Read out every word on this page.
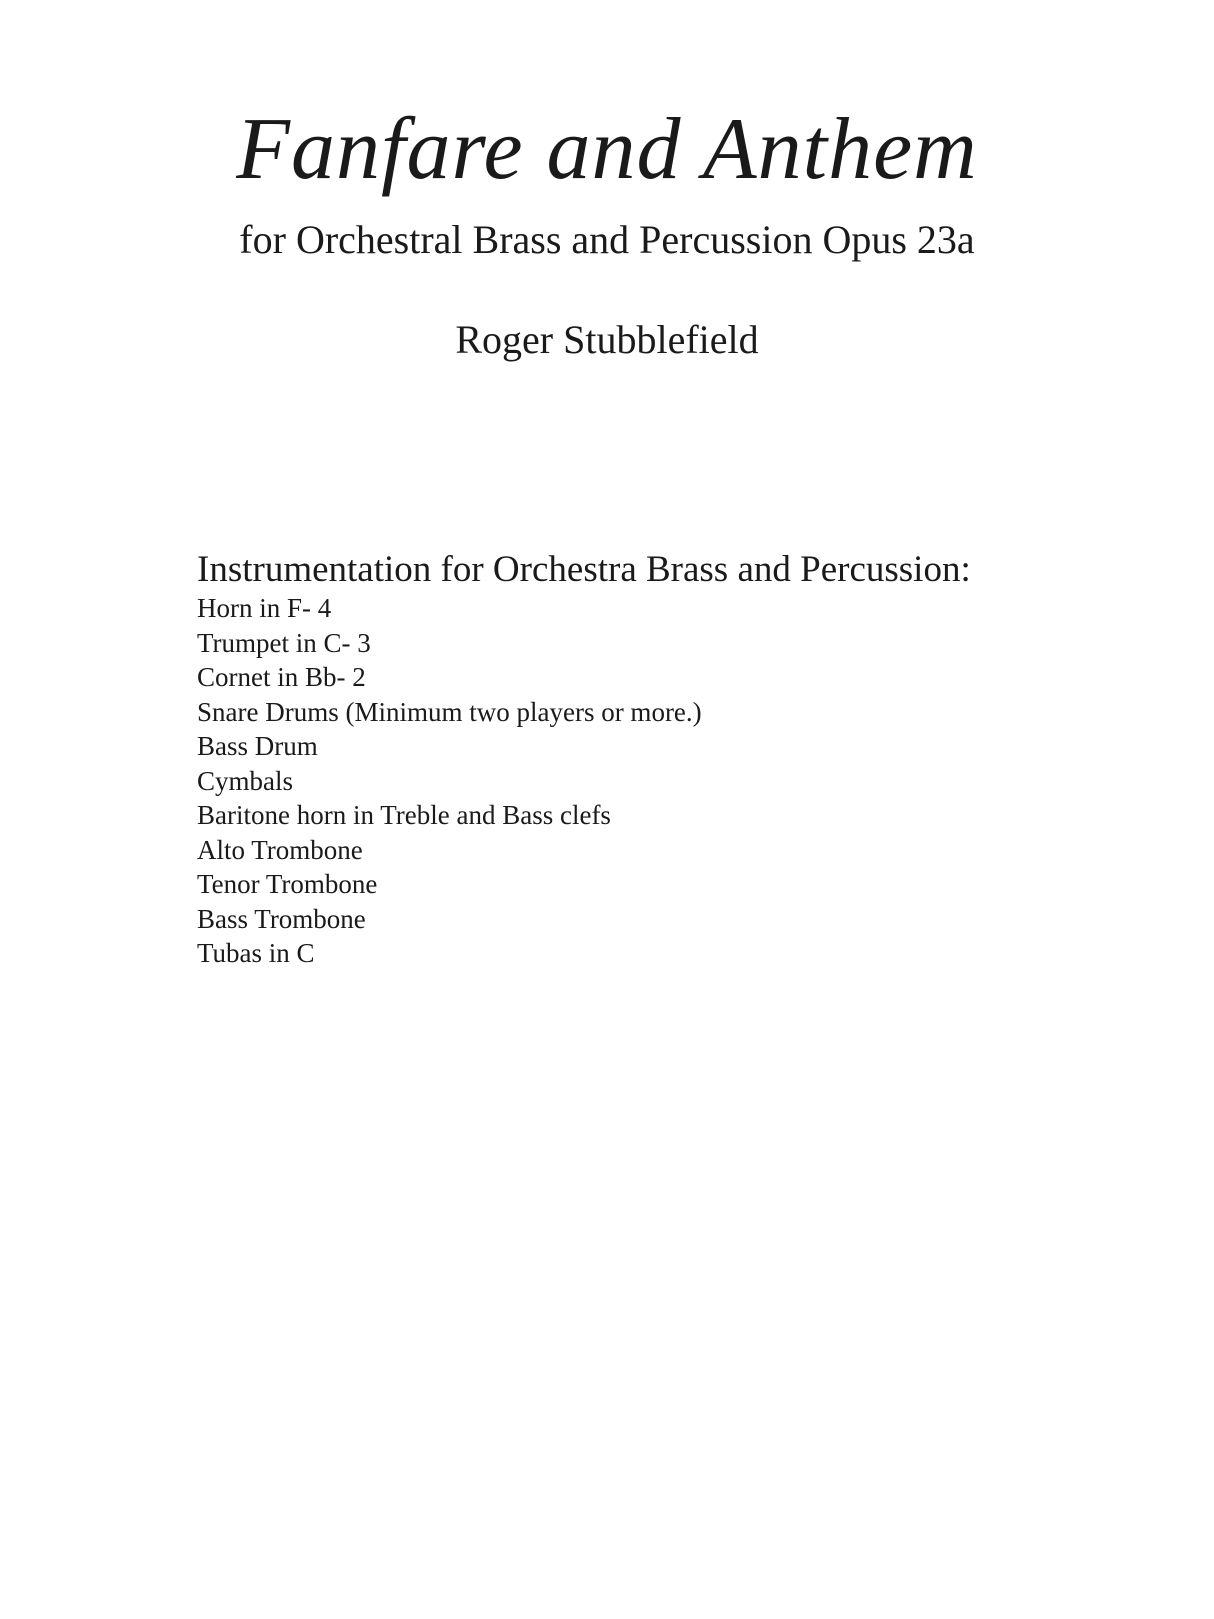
Fanfare and Anthem

for Orchestral Brass and Percussion Opus 23a

Roger Stubblefield

Instrumentation for Orchestra Brass and Percussion:
Horn in F- 4
Trumpet in C- 3
Cornet in Bb- 2
Snare Drums (Minimum two players or more.)
Bass Drum
Cymbals
Baritone horn in Treble and Bass clefs
Alto Trombone
Tenor Trombone
Bass Trombone
Tubas in C
